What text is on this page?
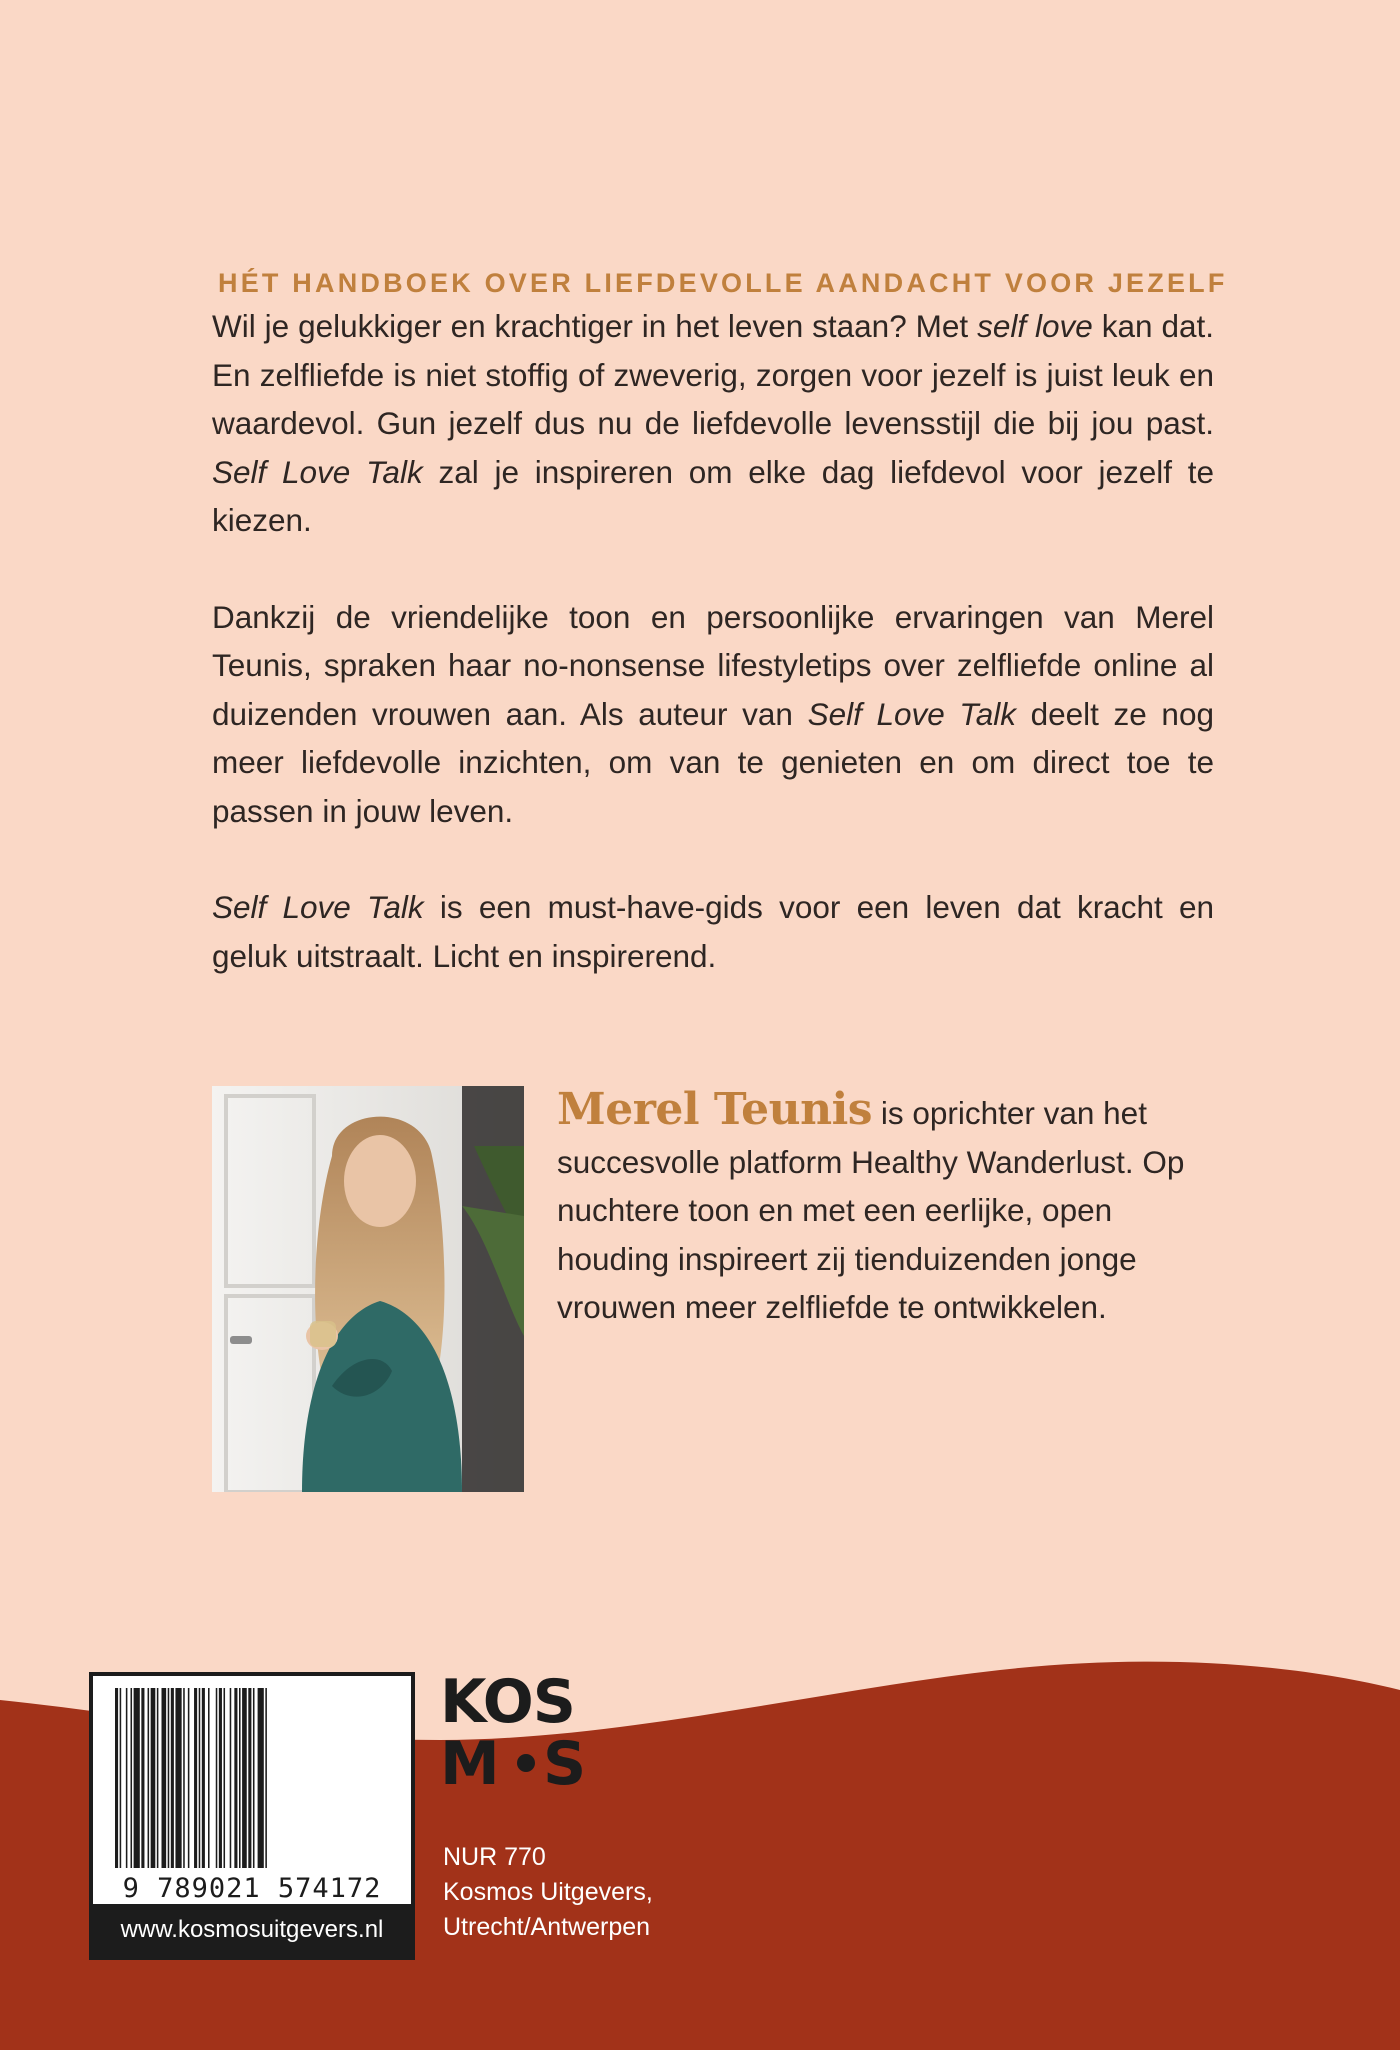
HÉT HANDBOEK OVER LIEFDEVOLLE AANDACHT VOOR JEZELF

Wil je gelukkiger en krachtiger in het leven staan? Met self love kan dat. En zelfliefde is niet stoffig of zweverig, zorgen voor jezelf is juist leuk en waardevol. Gun jezelf dus nu de liefdevolle levensstijl die bij jou past. Self Love Talk zal je inspireren om elke dag liefdevol voor jezelf te kiezen.

Dankzij de vriendelijke toon en persoonlijke ervaringen van Merel Teunis, spraken haar no-nonsense lifestyletips over zelfliefde online al duizenden vrouwen aan. Als auteur van Self Love Talk deelt ze nog meer liefdevolle inzichten, om van te genieten en om direct toe te passen in jouw leven.

Self Love Talk is een must-have-gids voor een leven dat kracht en geluk uitstraalt. Licht en inspirerend.

Merel Teunis is oprichter van het succesvolle platform Healthy Wanderlust. Op nuchtere toon en met een eerlijke, open houding inspireert zij tienduizenden jonge vrouwen meer zelfliefde te ontwikkelen.

9 789021 574172
www.kosmosuitgevers.nl
KOS
M S
NUR 770
Kosmos Uitgevers,
Utrecht/Antwerpen
